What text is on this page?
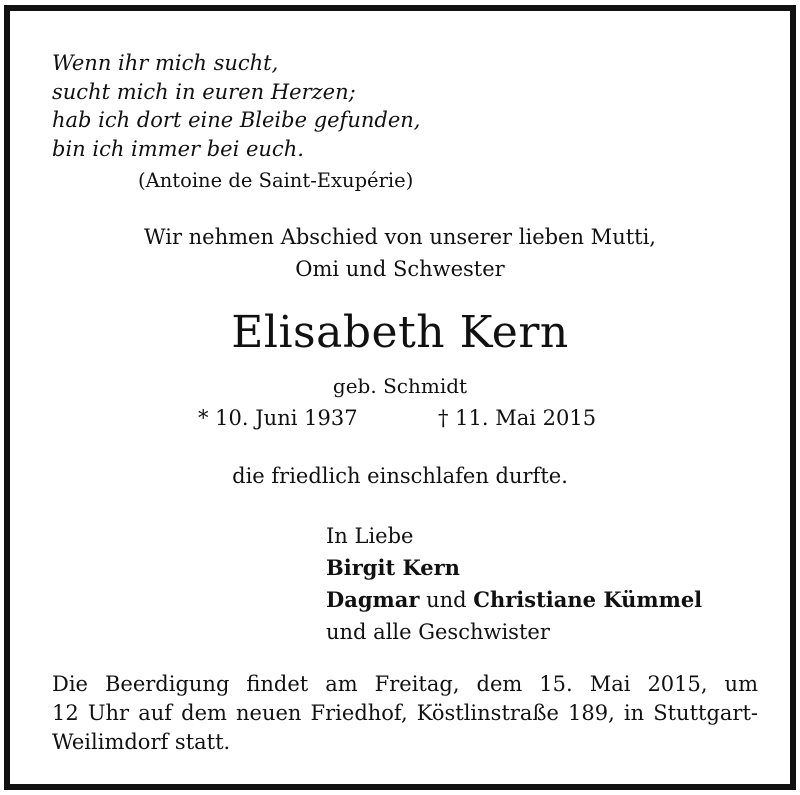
Wenn ihr mich sucht,
sucht mich in euren Herzen;
hab ich dort eine Bleibe gefunden,
bin ich immer bei euch.
(Antoine de Saint-Exupérie)
Wir nehmen Abschied von unserer lieben Mutti,
Omi und Schwester
Elisabeth Kern
geb. Schmidt
* 10. Juni 1937	† 11. Mai 2015
die friedlich einschlafen durfte.
In Liebe
Birgit Kern
Dagmar und Christiane Kümmel
und alle Geschwister
Die Beerdigung findet am Freitag, dem 15. Mai 2015, um
12 Uhr auf dem neuen Friedhof, Köstlinstraße 189, in Stuttgart-
Weilimdorf statt.
